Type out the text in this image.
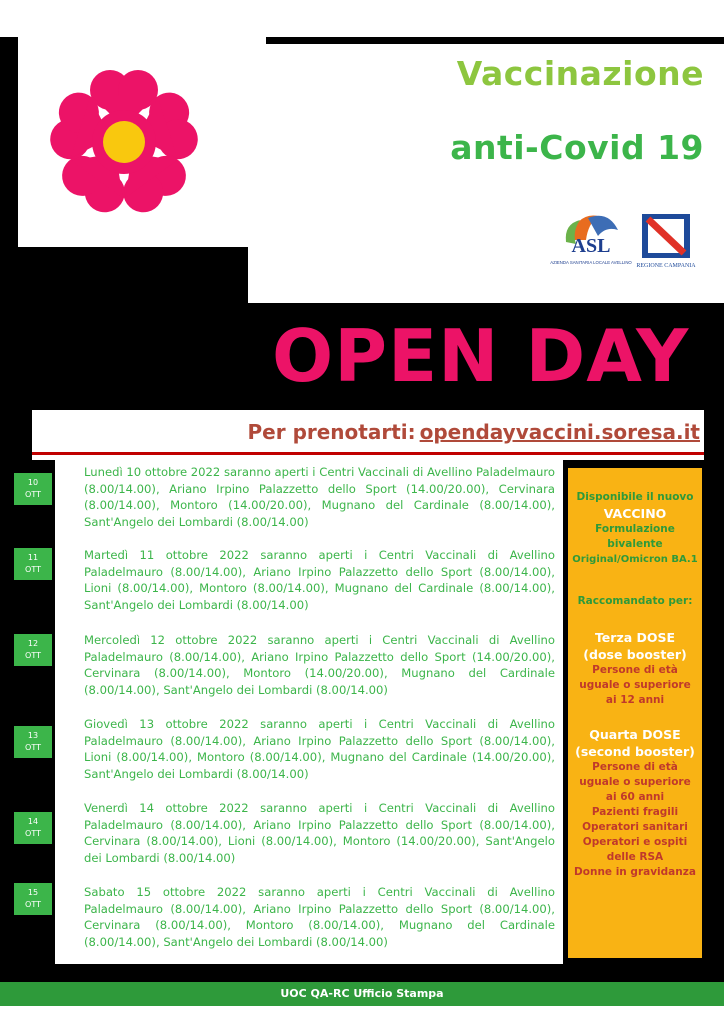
Vaccinazione
anti-Covid 19
ASL
AZIENDA SANITARIA LOCALE AVELLINO
REGIONE CAMPANIA
OPEN DAY
Per prenotarti: opendayvaccini.soresa.it
10
OTT
Lunedì 10 ottobre 2022 saranno aperti i Centri Vaccinali di Avellino Paladelmauro (8.00/14.00), Ariano Irpino Palazzetto dello Sport (14.00/20.00), Cervinara (8.00/14.00), Montoro (14.00/20.00), Mugnano del Cardinale (8.00/14.00), Sant'Angelo dei Lombardi (8.00/14.00)
11
OTT
Martedì 11 ottobre 2022 saranno aperti i Centri Vaccinali di Avellino Paladelmauro (8.00/14.00), Ariano Irpino Palazzetto dello Sport (8.00/14.00), Lioni (8.00/14.00), Montoro (8.00/14.00), Mugnano del Cardinale (8.00/14.00), Sant'Angelo dei Lombardi (8.00/14.00)
12
OTT
Mercoledì 12 ottobre 2022 saranno aperti i Centri Vaccinali di Avellino Paladelmauro (8.00/14.00), Ariano Irpino Palazzetto dello Sport (14.00/20.00), Cervinara (8.00/14.00), Montoro (14.00/20.00), Mugnano del Cardinale (8.00/14.00), Sant'Angelo dei Lombardi (8.00/14.00)
13
OTT
Giovedì 13 ottobre 2022 saranno aperti i Centri Vaccinali di Avellino Paladelmauro (8.00/14.00), Ariano Irpino Palazzetto dello Sport (8.00/14.00), Lioni (8.00/14.00), Montoro (8.00/14.00), Mugnano del Cardinale (14.00/20.00), Sant'Angelo dei Lombardi (8.00/14.00)
14
OTT
Venerdì 14 ottobre 2022 saranno aperti i Centri Vaccinali di Avellino Paladelmauro (8.00/14.00), Ariano Irpino Palazzetto dello Sport (8.00/14.00), Cervinara (8.00/14.00), Lioni (8.00/14.00), Montoro (14.00/20.00), Sant'Angelo dei Lombardi (8.00/14.00)
15
OTT
Sabato 15 ottobre 2022 saranno aperti i Centri Vaccinali di Avellino Paladelmauro (8.00/14.00), Ariano Irpino Palazzetto dello Sport (8.00/14.00), Cervinara (8.00/14.00), Montoro (8.00/14.00), Mugnano del Cardinale (8.00/14.00), Sant'Angelo dei Lombardi (8.00/14.00)
Disponibile il nuovo
VACCINO
Formulazione
bivalente
Original/Omicron BA.1
Raccomandato per:
Terza DOSE
(dose booster)
Persone di età
uguale o superiore
ai 12 anni
Quarta DOSE
(second booster)
Persone di età
uguale o superiore
ai 60 anni
Pazienti fragili
Operatori sanitari
Operatori e ospiti
delle RSA
Donne in gravidanza
UOC QA-RC Ufficio Stampa
